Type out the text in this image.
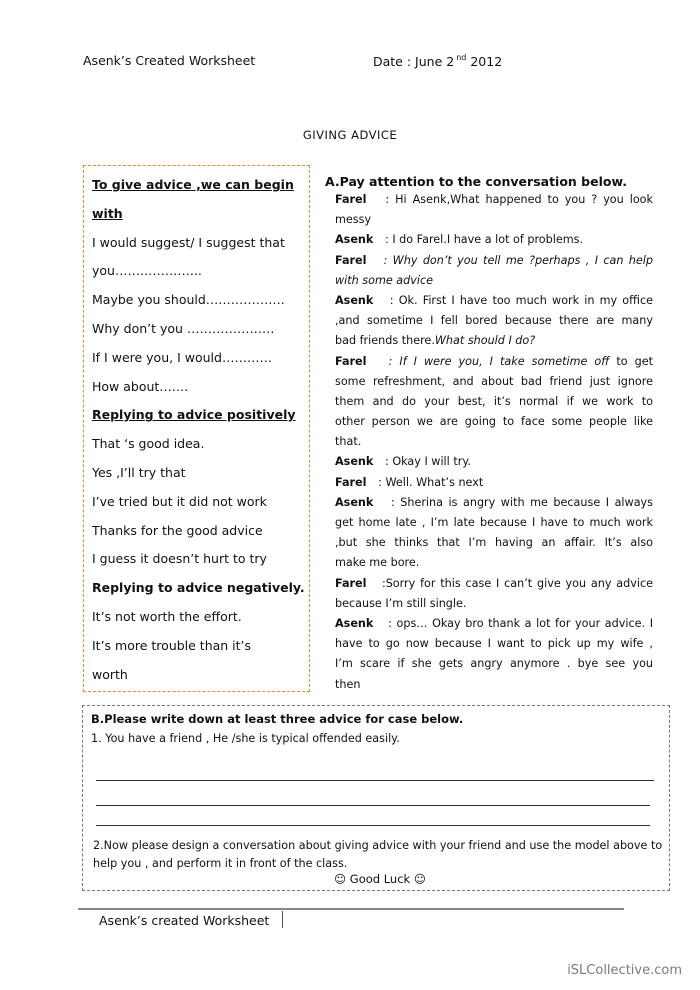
Asenk’s Created Worksheet	Date : June 2 $^{nd}$ 2012
GIVING ADVICE
To give advice ,we can begin
with
I would suggest/ I suggest that
you…….…………..
Maybe you should……………….
Why don’t you …………………
If I were you, I would…………
How about…….
Replying to advice positively
That ‘s good idea.
Yes ,I’ll try that
I’ve tried but it did not work
Thanks for the good advice
I guess it doesn’t hurt to try
Replying to advice negatively.
It’s not worth the effort.
It’s more trouble than it’s
worth
A.Pay attention to the conversation below.
Farel   : Hi Asenk,What happened to you ? you look
messy
Asenk   : I do Farel.I have a lot of problems.
Farel   : Why don’t you tell me ?perhaps , I can help
with some advice
Asenk   : Ok. First I have too much work in my office
,and sometime I fell bored because there are many
bad friends there.What should I do?
Farel   : If I were you, I take sometime off to get
some refreshment, and about bad friend just ignore
them and do your best, it’s normal if we work to
other person we are going to face some people like
that.
Asenk   : Okay I will try.
Farel   : Well. What’s next
Asenk   : Sherina is angry with me because I always
get home late , I’m late because I have to much work
,but she thinks that I’m having an affair. It’s also
make me bore.
Farel   :Sorry for this case I can’t give you any advice
because I’m still single.
Asenk   : ops… Okay bro thank a lot for your advice. I
have to go now because I want to pick up my wife ,
I’m scare if she gets angry anymore . bye see you
then
B.Please write down at least three advice for case below.
1. You have a friend , He /she is typical offended easily.
2.Now please design a conversation about giving advice with your friend and use the model above to help you , and perform it in front of the class.
☺ Good Luck ☺
Asenk’s created Worksheet
iSLCollective.com
